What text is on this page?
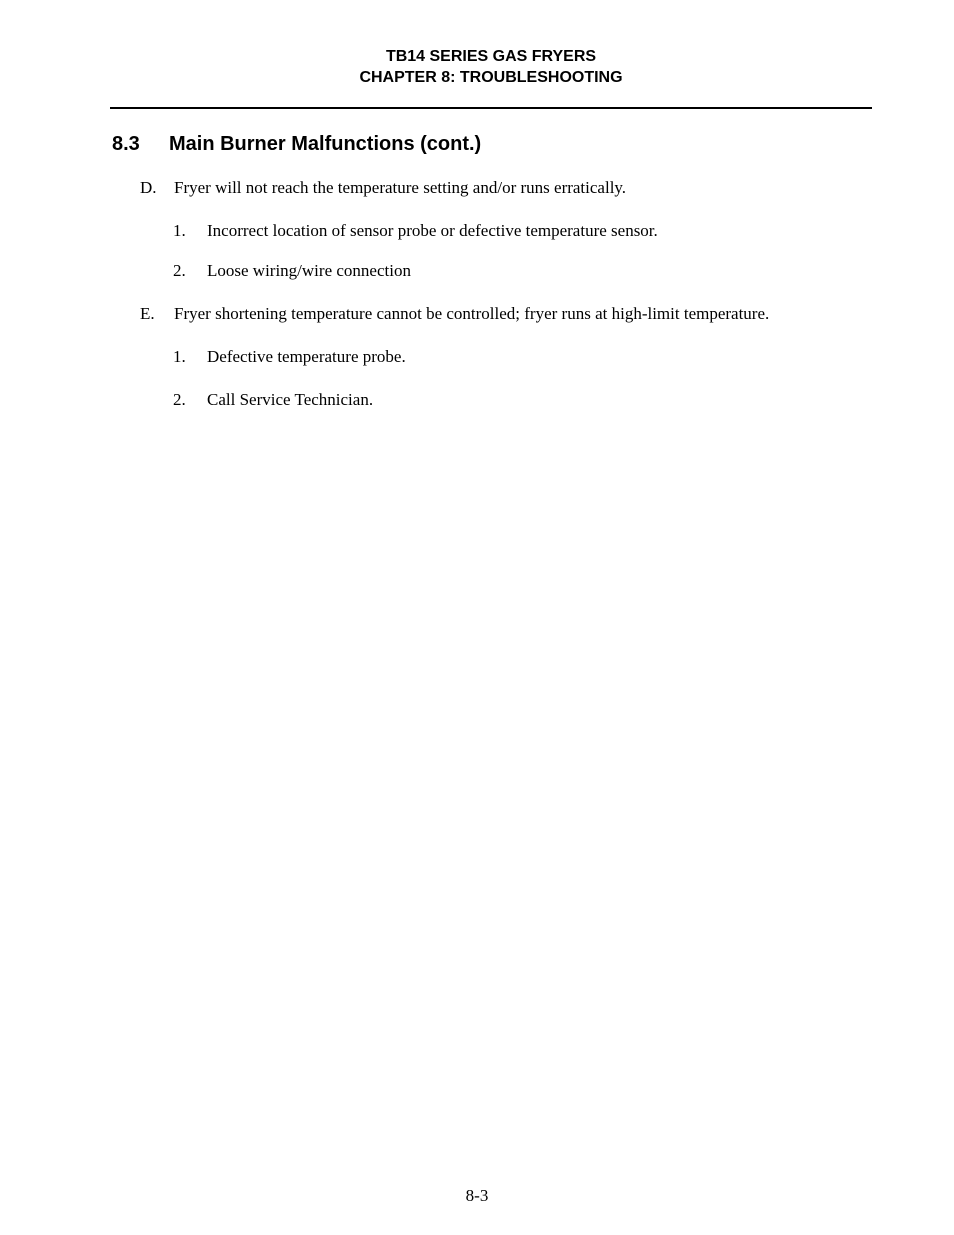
TB14 SERIES GAS FRYERS
CHAPTER 8: TROUBLESHOOTING
8.3 Main Burner Malfunctions (cont.)
D. Fryer will not reach the temperature setting and/or runs erratically.
1. Incorrect location of sensor probe or defective temperature sensor.
2. Loose wiring/wire connection
E. Fryer shortening temperature cannot be controlled; fryer runs at high-limit temperature.
1. Defective temperature probe.
2. Call Service Technician.
8-3
